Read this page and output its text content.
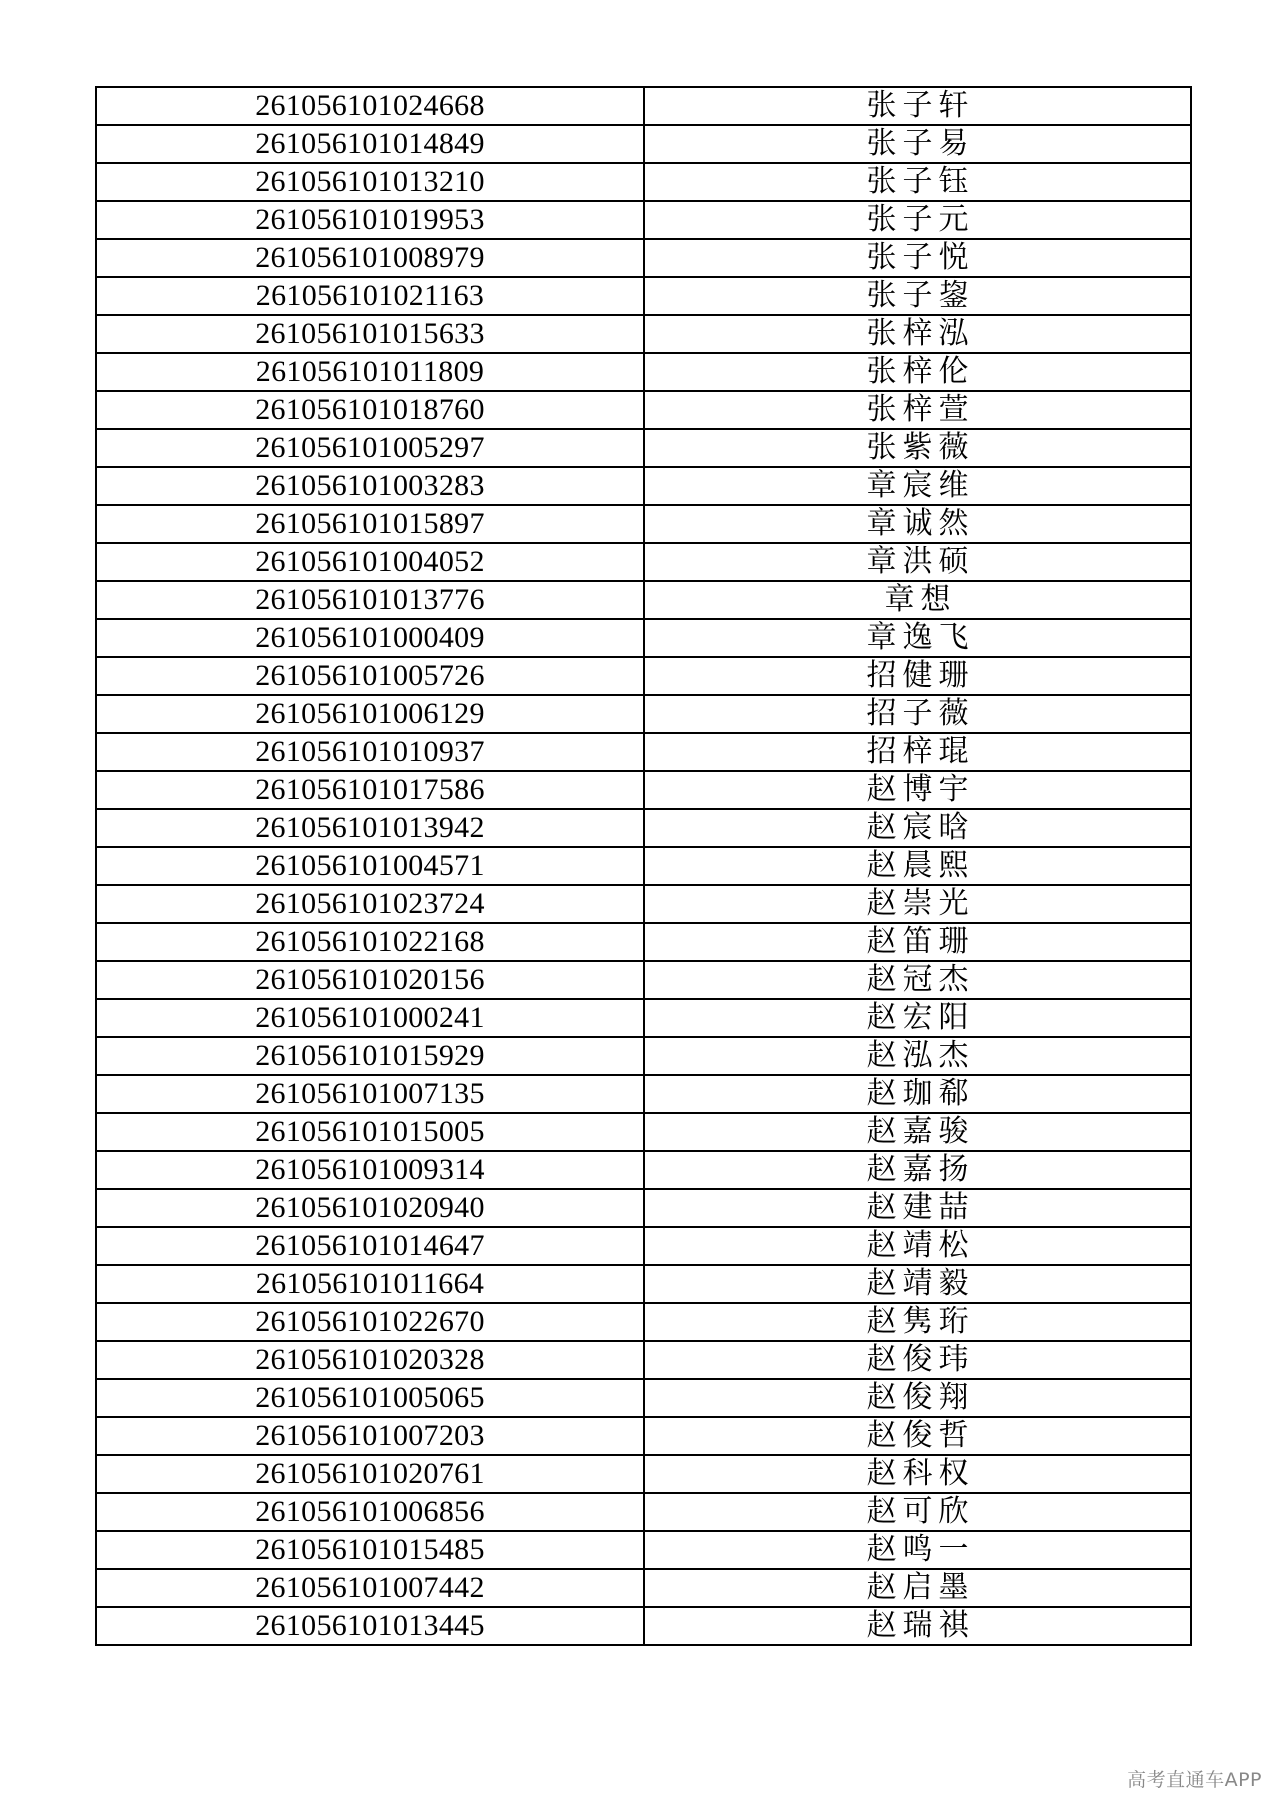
261056101024668	张子轩
261056101014849	张子易
261056101013210	张子钰
261056101019953	张子元
261056101008979	张子悦
261056101021163	张子鋆
261056101015633	张梓泓
261056101011809	张梓伦
261056101018760	张梓萱
261056101005297	张紫薇
261056101003283	章宸维
261056101015897	章诚然
261056101004052	章洪硕
261056101013776	章想
261056101000409	章逸飞
261056101005726	招健珊
261056101006129	招子薇
261056101010937	招梓琨
261056101017586	赵博宇
261056101013942	赵宸晗
261056101004571	赵晨熙
261056101023724	赵崇光
261056101022168	赵笛珊
261056101020156	赵冠杰
261056101000241	赵宏阳
261056101015929	赵泓杰
261056101007135	赵珈郗
261056101015005	赵嘉骏
261056101009314	赵嘉扬
261056101020940	赵建喆
261056101014647	赵靖松
261056101011664	赵靖毅
261056101022670	赵隽珩
261056101020328	赵俊玮
261056101005065	赵俊翔
261056101007203	赵俊哲
261056101020761	赵科权
261056101006856	赵可欣
261056101015485	赵鸣一
261056101007442	赵启墨
261056101013445	赵瑞祺
高考直通车APP
